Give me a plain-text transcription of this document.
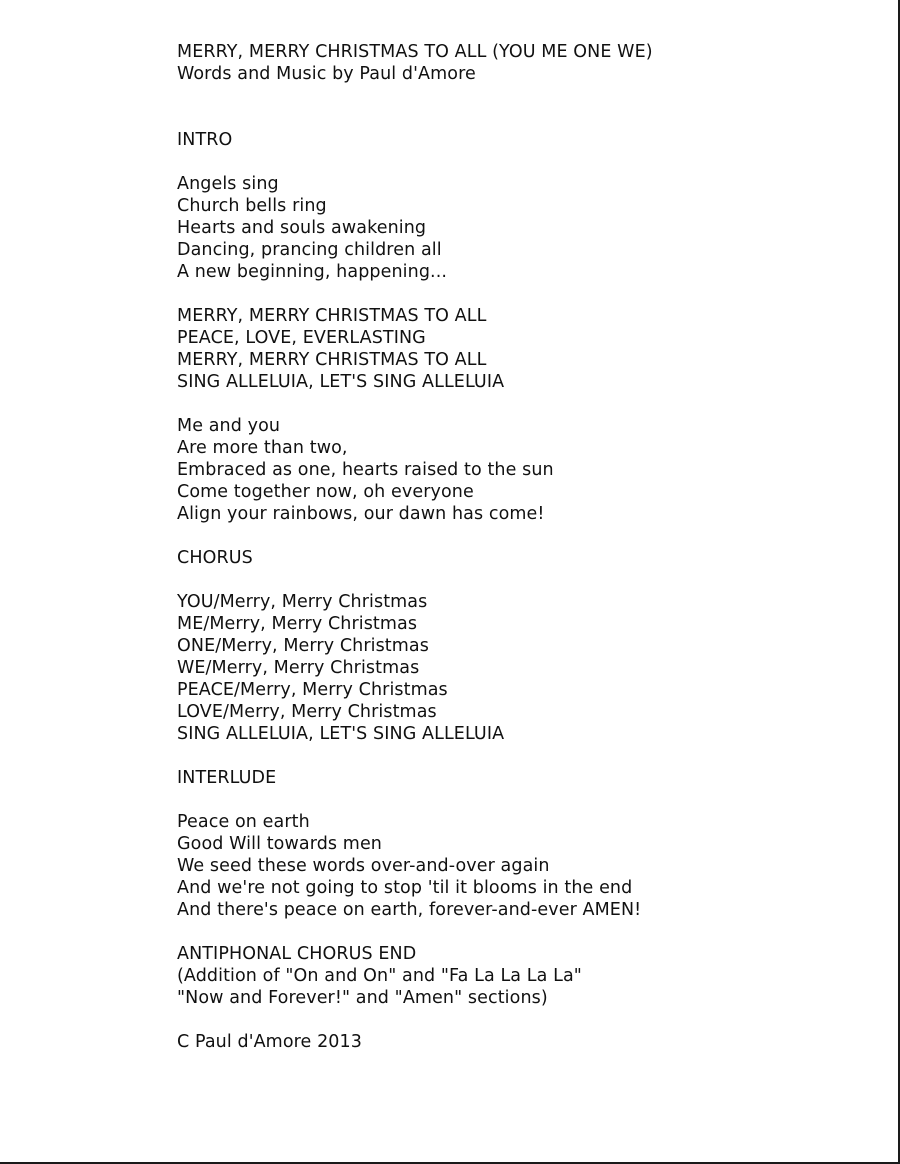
MERRY, MERRY CHRISTMAS TO ALL (YOU ME ONE WE)
Words and Music by Paul d'Amore
INTRO
Angels sing
Church bells ring
Hearts and souls awakening
Dancing, prancing children all
A new beginning, happening...
MERRY, MERRY CHRISTMAS TO ALL
PEACE, LOVE, EVERLASTING
MERRY, MERRY CHRISTMAS TO ALL
SING ALLELUIA, LET'S SING ALLELUIA
Me and you
Are more than two,
Embraced as one, hearts raised to the sun
Come together now, oh everyone
Align your rainbows, our dawn has come!
CHORUS
YOU/Merry, Merry Christmas
ME/Merry, Merry Christmas
ONE/Merry, Merry Christmas
WE/Merry, Merry Christmas
PEACE/Merry, Merry Christmas
LOVE/Merry, Merry Christmas
SING ALLELUIA, LET'S SING ALLELUIA
INTERLUDE
Peace on earth
Good Will towards men
We seed these words over-and-over again
And we're not going to stop 'til it blooms in the end
And there's peace on earth, forever-and-ever AMEN!
ANTIPHONAL CHORUS END
(Addition of "On and On" and "Fa La La La La"
"Now and Forever!" and "Amen" sections)
C Paul d'Amore 2013
